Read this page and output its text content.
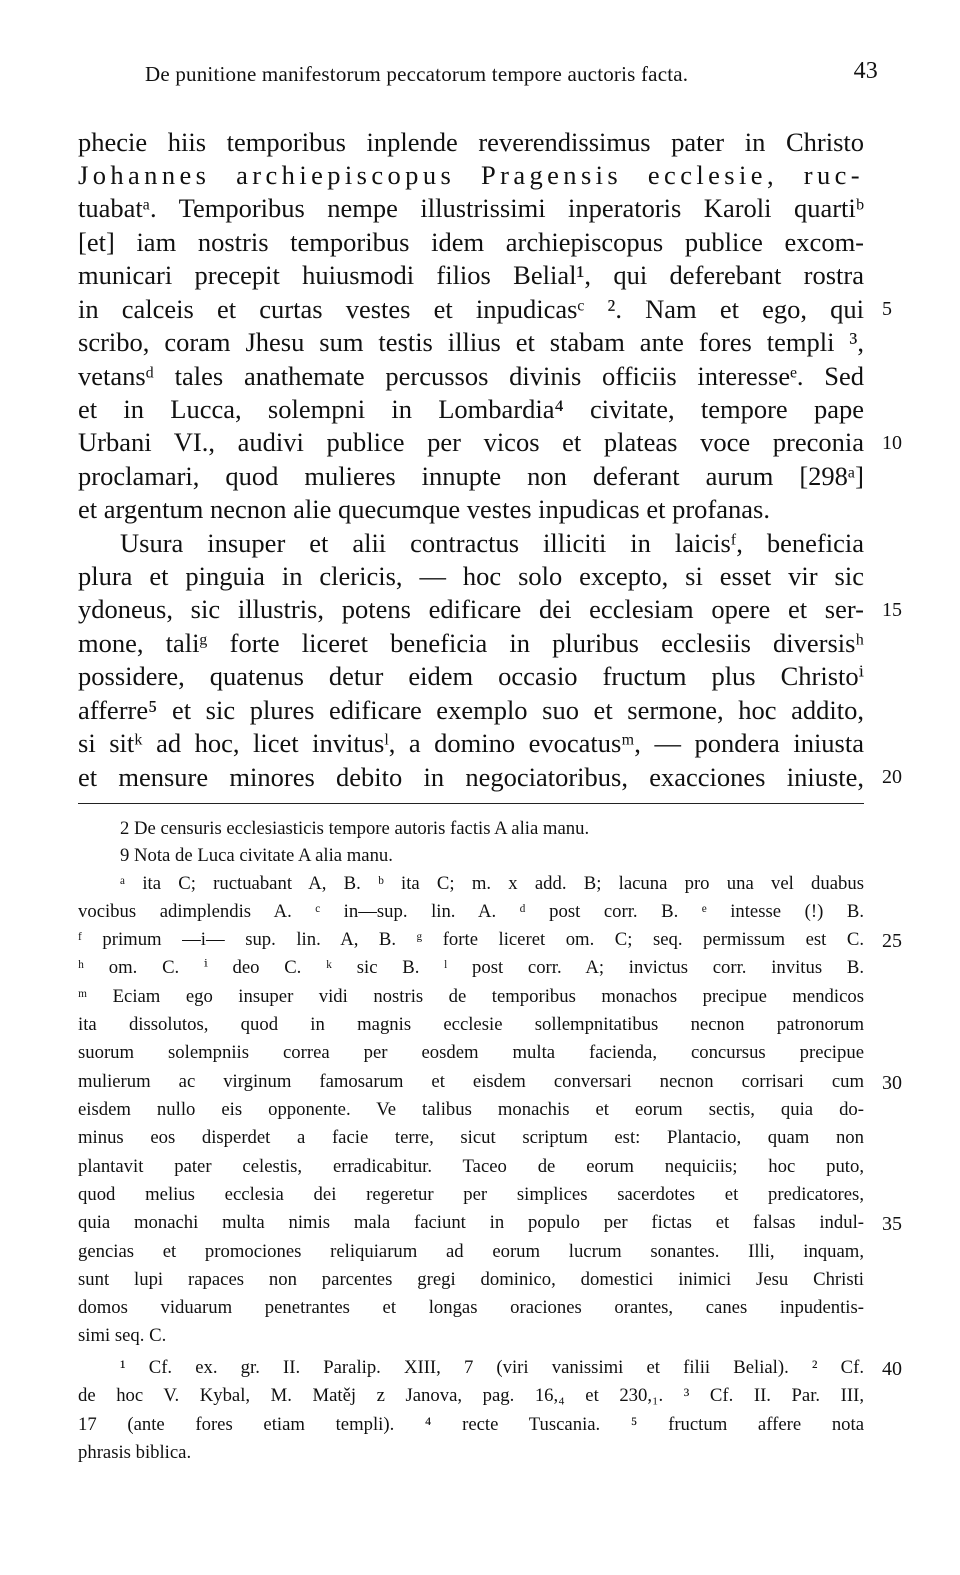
De punitione manifestorum peccatorum tempore auctoris facta.	43
phecie hiis temporibus inplende reverendissimus pater in Christo
Johannes archiepiscopus Pragensis ecclesie, ruc-
tuabatᵃ. Temporibus nempe illustrissimi inperatoris Karoli quartiᵇ
[et] iam nostris temporibus idem archiepiscopus publice excom-
municari precepit huiusmodi filios Belial¹, qui deferebant rostra
in calceis et curtas vestes et inpudicasᶜ ². Nam et ego, qui
scribo, coram Jhesu sum testis illius et stabam ante fores templi ³,
vetansᵈ tales anathemate percussos divinis officiis interesseᵉ. Sed
et in Lucca, solempni in Lombardia⁴ civitate, tempore pape
Urbani VI., audivi publice per vicos et plateas voce preconia
proclamari, quod mulieres innupte non deferant aurum [298ᵃ]
et argentum necnon alie quecumque vestes inpudicas et profanas.
Usura insuper et alii contractus illiciti in laicisᶠ, beneficia
plura et pinguia in clericis, — hoc solo excepto, si esset vir sic
ydoneus, sic illustris, potens edificare dei ecclesiam opere et ser-
mone, taliᵍ forte liceret beneficia in pluribus ecclesiis diversisʰ
possidere, quatenus detur eidem occasio fructum plus Christoⁱ
afferre⁵ et sic plures edificare exemplo suo et sermone, hoc addito,
si sitᵏ ad hoc, licet invitusˡ, a domino evocatusᵐ, — pondera iniusta
et mensure minores debito in negociatoribus, exacciones iniuste,
5
10
15
20
2 De censuris ecclesiasticis tempore autoris factis A alia manu.
9 Nota de Luca civitate A alia manu.
ᵃ ita C; ructuabant A, B. ᵇ ita C; m. x add. B; lacuna pro una vel duabus
vocibus adimplendis A. ᶜ in—sup. lin. A. ᵈ post corr. B. ᵉ intesse (!) B.
ᶠ primum —i— sup. lin. A, B. ᵍ forte liceret om. C; seq. permissum est C.
ʰ om. C. ⁱ deo C. ᵏ sic B. ˡ post corr. A; invictus corr. invitus B.
ᵐ Eciam ego insuper vidi nostris de temporibus monachos precipue mendicos
ita dissolutos, quod in magnis ecclesie sollempnitatibus necnon patronorum
suorum solempniis correa per eosdem multa facienda, concursus precipue
mulierum ac virginum famosarum et eisdem conversari necnon corrisari cum
eisdem nullo eis opponente. Ve talibus monachis et eorum sectis, quia do-
minus eos disperdet a facie terre, sicut scriptum est: Plantacio, quam non
plantavit pater celestis, erradicabitur. Taceo de eorum nequiciis; hoc puto,
quod melius ecclesia dei regeretur per simplices sacerdotes et predicatores,
quia monachi multa nimis mala faciunt in populo per fictas et falsas indul-
gencias et promociones reliquiarum ad eorum lucrum sonantes. Illi, inquam,
sunt lupi rapaces non parcentes gregi dominico, domestici inimici Jesu Christi
domos viduarum penetrantes et longas oraciones orantes, canes inpudentis-
simi seq. C.
¹ Cf. ex. gr. II. Paralip. XIII, 7 (viri vanissimi et filii Belial). ² Cf.
de hoc V. Kybal, M. Matěj z Janova, pag. 16,₄ et 230,₁. ³ Cf. II. Par. III,
17 (ante fores etiam templi). ⁴ recte Tuscania. ⁵ fructum affere nota
phrasis biblica.
25
30
35
40
